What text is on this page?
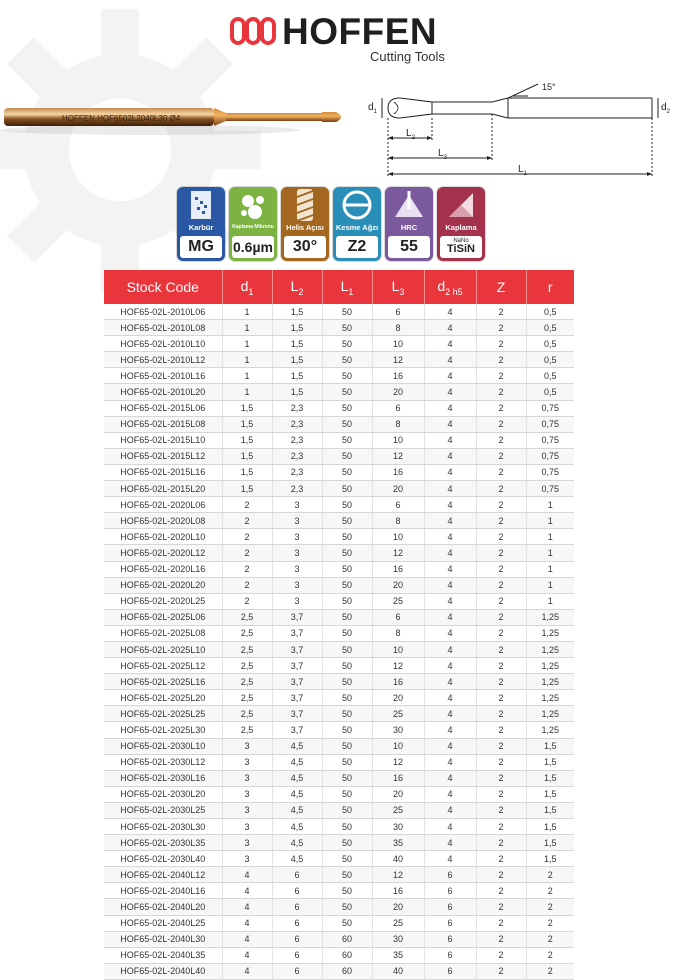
HOFFEN
Cutting Tools
HOFFEN HOF6502L2040L30 Ø4
15°
$d_1$	$d_2$
$L_2$
$L_3$
$L_1$
Karbür
MG
Kaplama Mikronu
0.6µm
Helis Açısı
30°
Kesme Ağzı
Z2
HRC
55
Kaplama
NaNo
TiSiN
Stock Code	$d_1$	$L_2$	$L_1$	$L_3$	$d_{2 h5}$	Z	r
HOF65-02L-2010L06	1	1,5	50	6	4	2	0,5
HOF65-02L-2010L08	1	1,5	50	8	4	2	0,5
HOF65-02L-2010L10	1	1,5	50	10	4	2	0,5
HOF65-02L-2010L12	1	1,5	50	12	4	2	0,5
HOF65-02L-2010L16	1	1,5	50	16	4	2	0,5
HOF65-02L-2010L20	1	1,5	50	20	4	2	0,5
HOF65-02L-2015L06	1,5	2,3	50	6	4	2	0,75
HOF65-02L-2015L08	1,5	2,3	50	8	4	2	0,75
HOF65-02L-2015L10	1,5	2,3	50	10	4	2	0,75
HOF65-02L-2015L12	1,5	2,3	50	12	4	2	0,75
HOF65-02L-2015L16	1,5	2,3	50	16	4	2	0,75
HOF65-02L-2015L20	1,5	2,3	50	20	4	2	0,75
HOF65-02L-2020L06	2	3	50	6	4	2	1
HOF65-02L-2020L08	2	3	50	8	4	2	1
HOF65-02L-2020L10	2	3	50	10	4	2	1
HOF65-02L-2020L12	2	3	50	12	4	2	1
HOF65-02L-2020L16	2	3	50	16	4	2	1
HOF65-02L-2020L20	2	3	50	20	4	2	1
HOF65-02L-2020L25	2	3	50	25	4	2	1
HOF65-02L-2025L06	2,5	3,7	50	6	4	2	1,25
HOF65-02L-2025L08	2,5	3,7	50	8	4	2	1,25
HOF65-02L-2025L10	2,5	3,7	50	10	4	2	1,25
HOF65-02L-2025L12	2,5	3,7	50	12	4	2	1,25
HOF65-02L-2025L16	2,5	3,7	50	16	4	2	1,25
HOF65-02L-2025L20	2,5	3,7	50	20	4	2	1,25
HOF65-02L-2025L25	2,5	3,7	50	25	4	2	1,25
HOF65-02L-2025L30	2,5	3,7	50	30	4	2	1,25
HOF65-02L-2030L10	3	4,5	50	10	4	2	1,5
HOF65-02L-2030L12	3	4,5	50	12	4	2	1,5
HOF65-02L-2030L16	3	4,5	50	16	4	2	1,5
HOF65-02L-2030L20	3	4,5	50	20	4	2	1,5
HOF65-02L-2030L25	3	4,5	50	25	4	2	1,5
HOF65-02L-2030L30	3	4,5	50	30	4	2	1,5
HOF65-02L-2030L35	3	4,5	50	35	4	2	1,5
HOF65-02L-2030L40	3	4,5	50	40	4	2	1,5
HOF65-02L-2040L12	4	6	50	12	6	2	2
HOF65-02L-2040L16	4	6	50	16	6	2	2
HOF65-02L-2040L20	4	6	50	20	6	2	2
HOF65-02L-2040L25	4	6	50	25	6	2	2
HOF65-02L-2040L30	4	6	60	30	6	2	2
HOF65-02L-2040L35	4	6	60	35	6	2	2
HOF65-02L-2040L40	4	6	60	40	6	2	2
